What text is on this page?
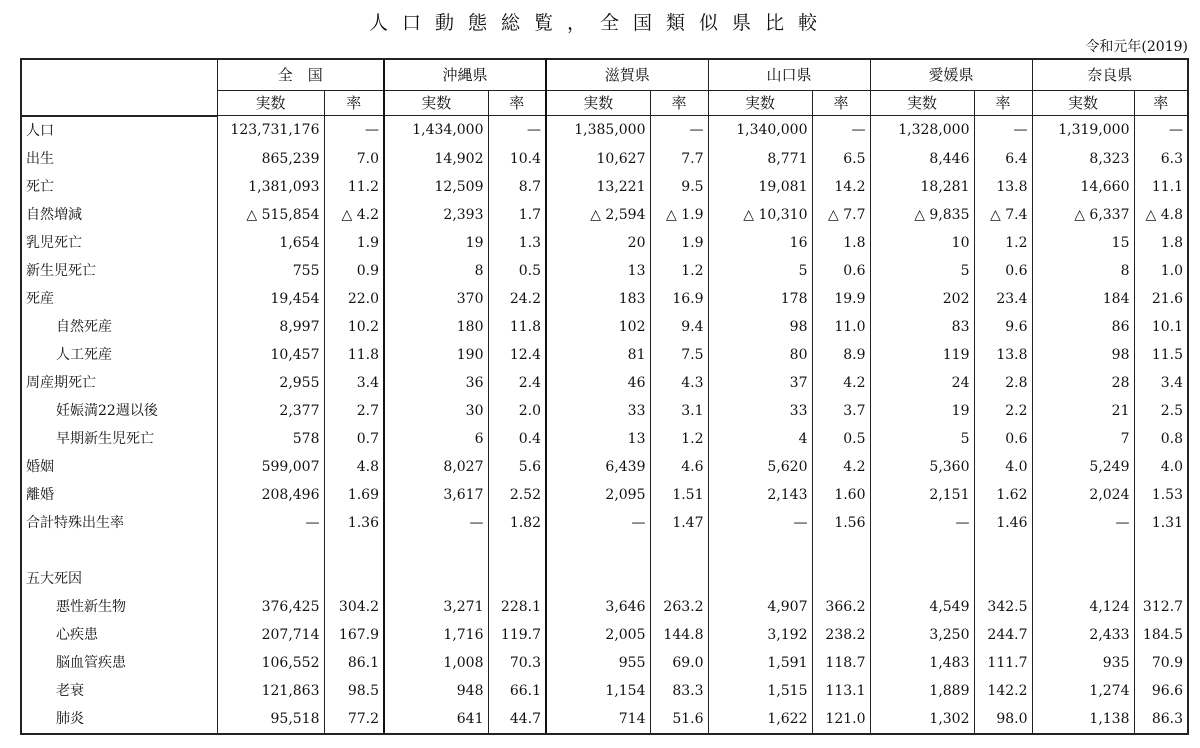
人口動態総覧，全国類似県比較
令和元年(2019)
	全　国		沖縄県		滋賀県		山口県		愛媛県		奈良県	
	実数	率	実数	率	実数	率	実数	率	実数	率	実数	率
人口	123,731,176	—	1,434,000	—	1,385,000	—	1,340,000	—	1,328,000	—	1,319,000	—
出生	865,239	7.0	14,902	10.4	10,627	7.7	8,771	6.5	8,446	6.4	8,323	6.3
死亡	1,381,093	11.2	12,509	8.7	13,221	9.5	19,081	14.2	18,281	13.8	14,660	11.1
自然増減	△ 515,854	△ 4.2	2,393	1.7	△ 2,594	△ 1.9	△ 10,310	△ 7.7	△ 9,835	△ 7.4	△ 6,337	△ 4.8
乳児死亡	1,654	1.9	19	1.3	20	1.9	16	1.8	10	1.2	15	1.8
新生児死亡	755	0.9	8	0.5	13	1.2	5	0.6	5	0.6	8	1.0
死産	19,454	22.0	370	24.2	183	16.9	178	19.9	202	23.4	184	21.6
自然死産	8,997	10.2	180	11.8	102	9.4	98	11.0	83	9.6	86	10.1
人工死産	10,457	11.8	190	12.4	81	7.5	80	8.9	119	13.8	98	11.5
周産期死亡	2,955	3.4	36	2.4	46	4.3	37	4.2	24	2.8	28	3.4
妊娠満22週以後	2,377	2.7	30	2.0	33	3.1	33	3.7	19	2.2	21	2.5
早期新生児死亡	578	0.7	6	0.4	13	1.2	4	0.5	5	0.6	7	0.8
婚姻	599,007	4.8	8,027	5.6	6,439	4.6	5,620	4.2	5,360	4.0	5,249	4.0
離婚	208,496	1.69	3,617	2.52	2,095	1.51	2,143	1.60	2,151	1.62	2,024	1.53
合計特殊出生率	—	1.36	—	1.82	—	1.47	—	1.56	—	1.46	—	1.31

五大死因												
悪性新生物	376,425	304.2	3,271	228.1	3,646	263.2	4,907	366.2	4,549	342.5	4,124	312.7
心疾患	207,714	167.9	1,716	119.7	2,005	144.8	3,192	238.2	3,250	244.7	2,433	184.5
脳血管疾患	106,552	86.1	1,008	70.3	955	69.0	1,591	118.7	1,483	111.7	935	70.9
老衰	121,863	98.5	948	66.1	1,154	83.3	1,515	113.1	1,889	142.2	1,274	96.6
肺炎	95,518	77.2	641	44.7	714	51.6	1,622	121.0	1,302	98.0	1,138	86.3
